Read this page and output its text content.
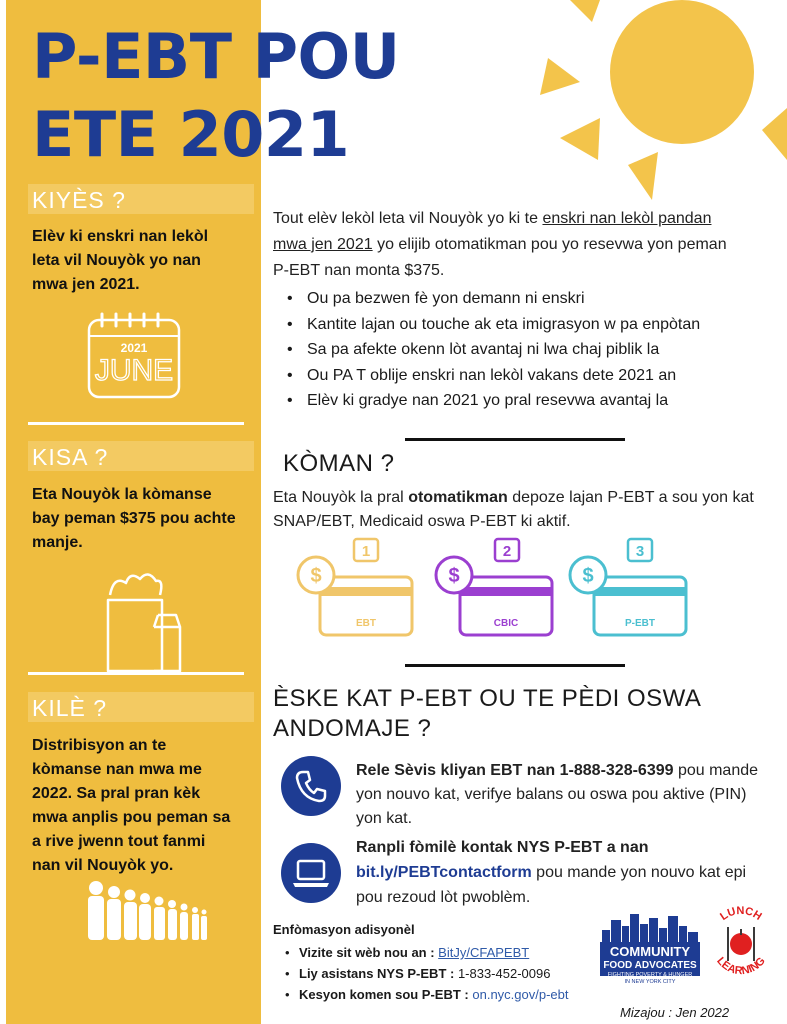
P-EBT POU
ETE 2021
KIYÈS ?
Elèv ki enskri nan lekòl leta vil Nouyòk yo nan mwa jen 2021.
2021
JUNE
KISA ?
Eta Nouyòk la kòmanse bay peman $375 pou achte manje.
KILÈ ?
Distribisyon an te kòmanse nan mwa me 2022. Sa pral pran kèk mwa anplis pou peman sa a rive jwenn tout fanmi nan vil Nouyòk yo.
Tout elèv lekòl leta vil Nouyòk yo ki te enskri nan lekòl pandan mwa jen 2021 yo elijib otomatikman pou yo resevwa yon peman P-EBT nan monta $375.
• Ou pa bezwen fè yon demann ni enskri
• Kantite lajan ou touche ak eta imigrasyon w pa enpòtan
• Sa pa afekte okenn lòt avantaj ni lwa chaj piblik la
• Ou PA T oblije enskri nan lekòl vakans dete 2021 an
• Elèv ki gradye nan 2021 yo pral resevwa avantaj la
KÒMAN ?
Eta Nouyòk la pral otomatikman depoze lajan P-EBT a sou yon kat SNAP/EBT, Medicaid oswa P-EBT ki aktif.
1
EBT
$
2
CBIC
$
3
P-EBT
$
ÈSKE KAT P-EBT OU TE PÈDI OSWA
ANDOMAJE ?
Rele Sèvis kliyan EBT nan 1-888-328-6399 pou mande yon nouvo kat, verifye balans ou oswa pou aktive (PIN) yon kat.
Ranpli fòmilè kontak NYS P-EBT a nan
bit.ly/PEBTcontactform pou mande yon nouvo kat epi pou rezoud lòt pwoblèm.
Enfòmasyon adisyonèl
• Vizite sit wèb nou an : BitJy/CFAPEBT
• Liy asistans NYS P-EBT : 1-833-452-0096
• Kesyon komen sou P-EBT : on.nyc.gov/p-ebt
COMMUNITY
FOOD ADVOCATES
FIGHTING POVERTY & HUNGER
IN NEW YORK CITY
LUNCH
LEARNING
Mizajou : Jen 2022
